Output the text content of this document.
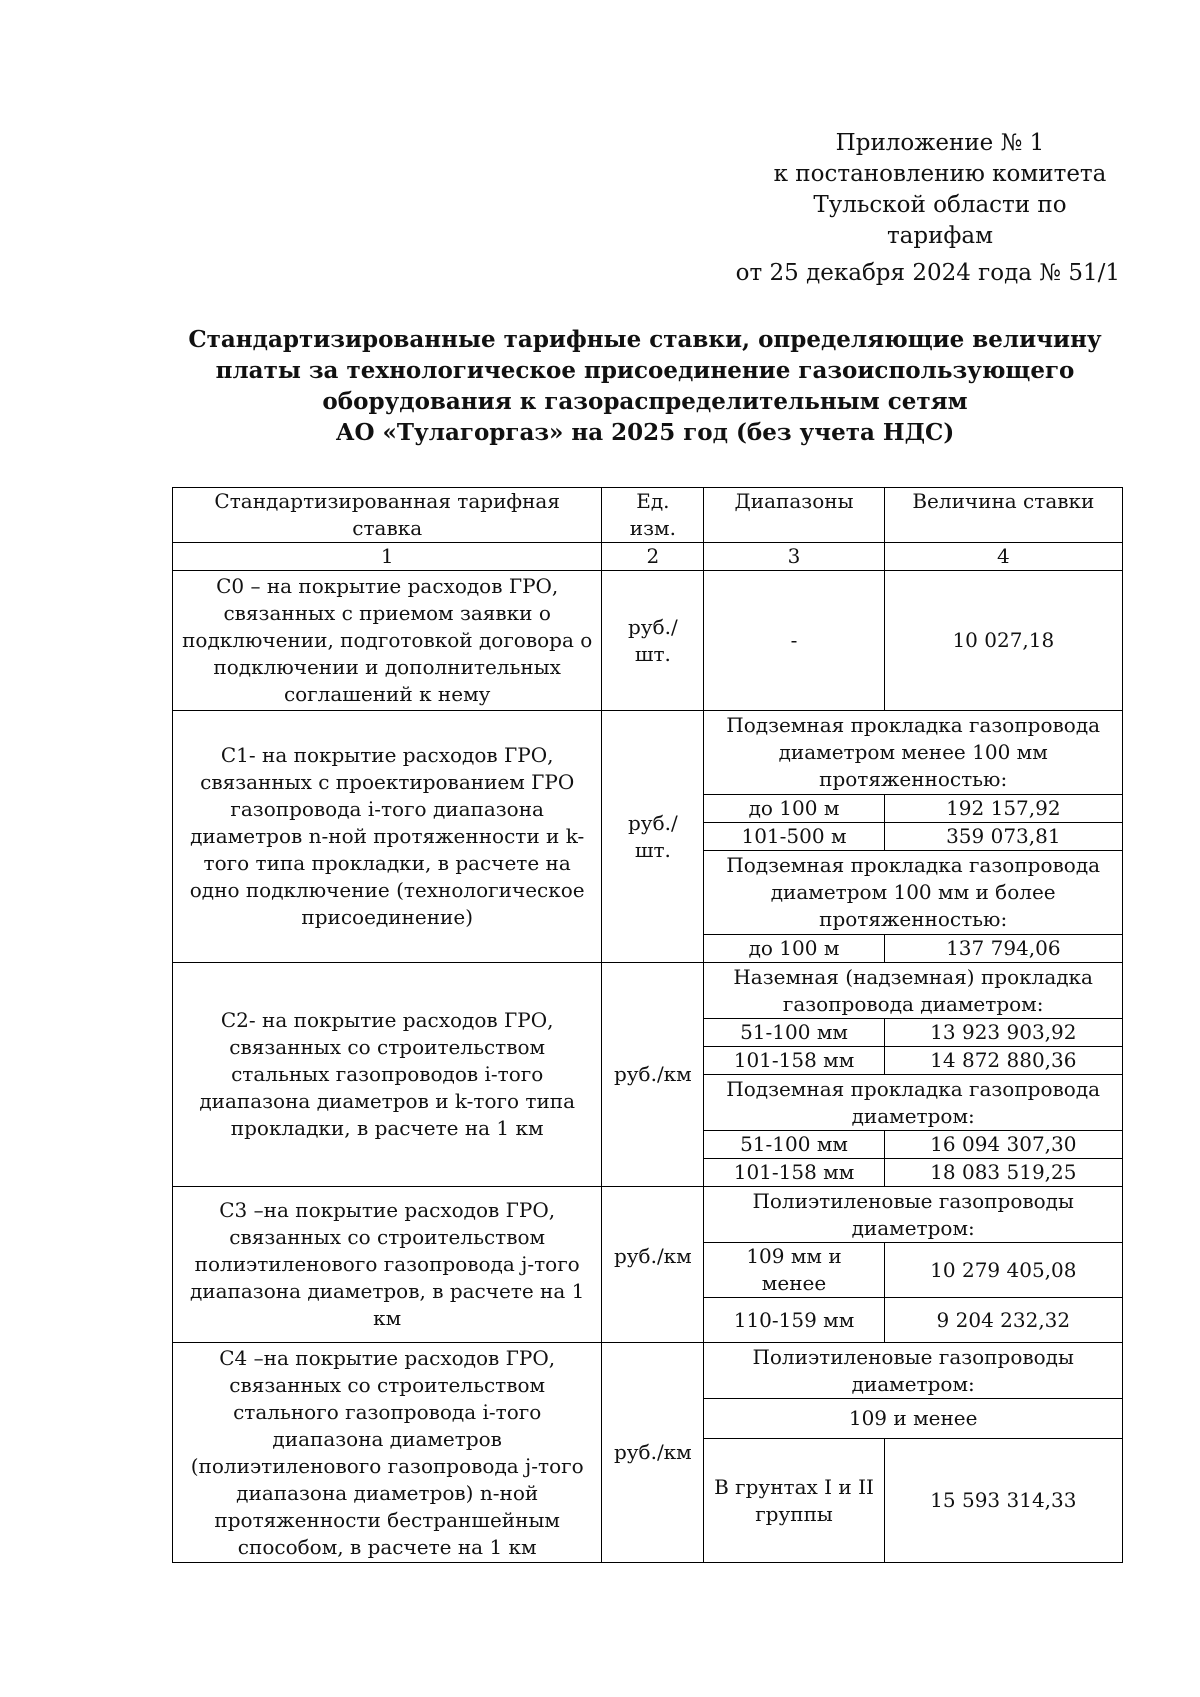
Приложение № 1
к постановлению комитета
Тульской области по тарифам
от 25 декабря 2024 года № 51/1
Стандартизированные тарифные ставки, определяющие величину
платы за технологическое присоединение газоиспользующего
оборудования к газораспределительным сетям
АО «Тулагоргаз» на 2025 год (без учета НДС)
Стандартизированная тарифная ставка	Ед. изм.	Диапазоны	Величина ставки
1	2	3	4
С0 – на покрытие расходов ГРО, связанных с приемом заявки о подключении, подготовкой договора о подключении и дополнительных соглашений к нему	руб./шт.	-	10 027,18
С1- на покрытие расходов ГРО, связанных с проектированием ГРО газопровода i-того диапазона диаметров n-ной протяженности и k-того типа прокладки, в расчете на одно подключение (технологическое присоединение)	руб./шт.	Подземная прокладка газопровода диаметром менее 100 мм протяженностью:	
		до 100 м	192 157,92
		101-500 м	359 073,81
		Подземная прокладка газопровода диаметром 100 мм и более протяженностью:	
		до 100 м	137 794,06

С2- на покрытие расходов ГРО, связанных со строительством стальных газопроводов i-того диапазона диаметров и k-того типа прокладки, в расчете на 1 км	руб./км	Наземная (надземная) прокладка газопровода диаметром:	
		51-100 мм	13 923 903,92
		101-158 мм	14 872 880,36
		Подземная прокладка газопровода диаметром:	
		51-100 мм	16 094 307,30
		101-158 мм	18 083 519,25
С3 –на покрытие расходов ГРО, связанных со строительством полиэтиленового газопровода j-того диапазона диаметров, в расчете на 1 км	руб./км	Полиэтиленовые газопроводы диаметром:	
		109 мм и менее	10 279 405,08
		110-159 мм	9 204 232,32
С4 –на покрытие расходов ГРО, связанных со строительством стального газопровода i-того диапазона диаметров (полиэтиленового газопровода j-того диапазона диаметров) n-ной протяженности бестраншейным способом, в расчете на 1 км	руб./км	Полиэтиленовые газопроводы диаметром:	
		109 и менее	
		В грунтах I и II группы	15 593 314,33
